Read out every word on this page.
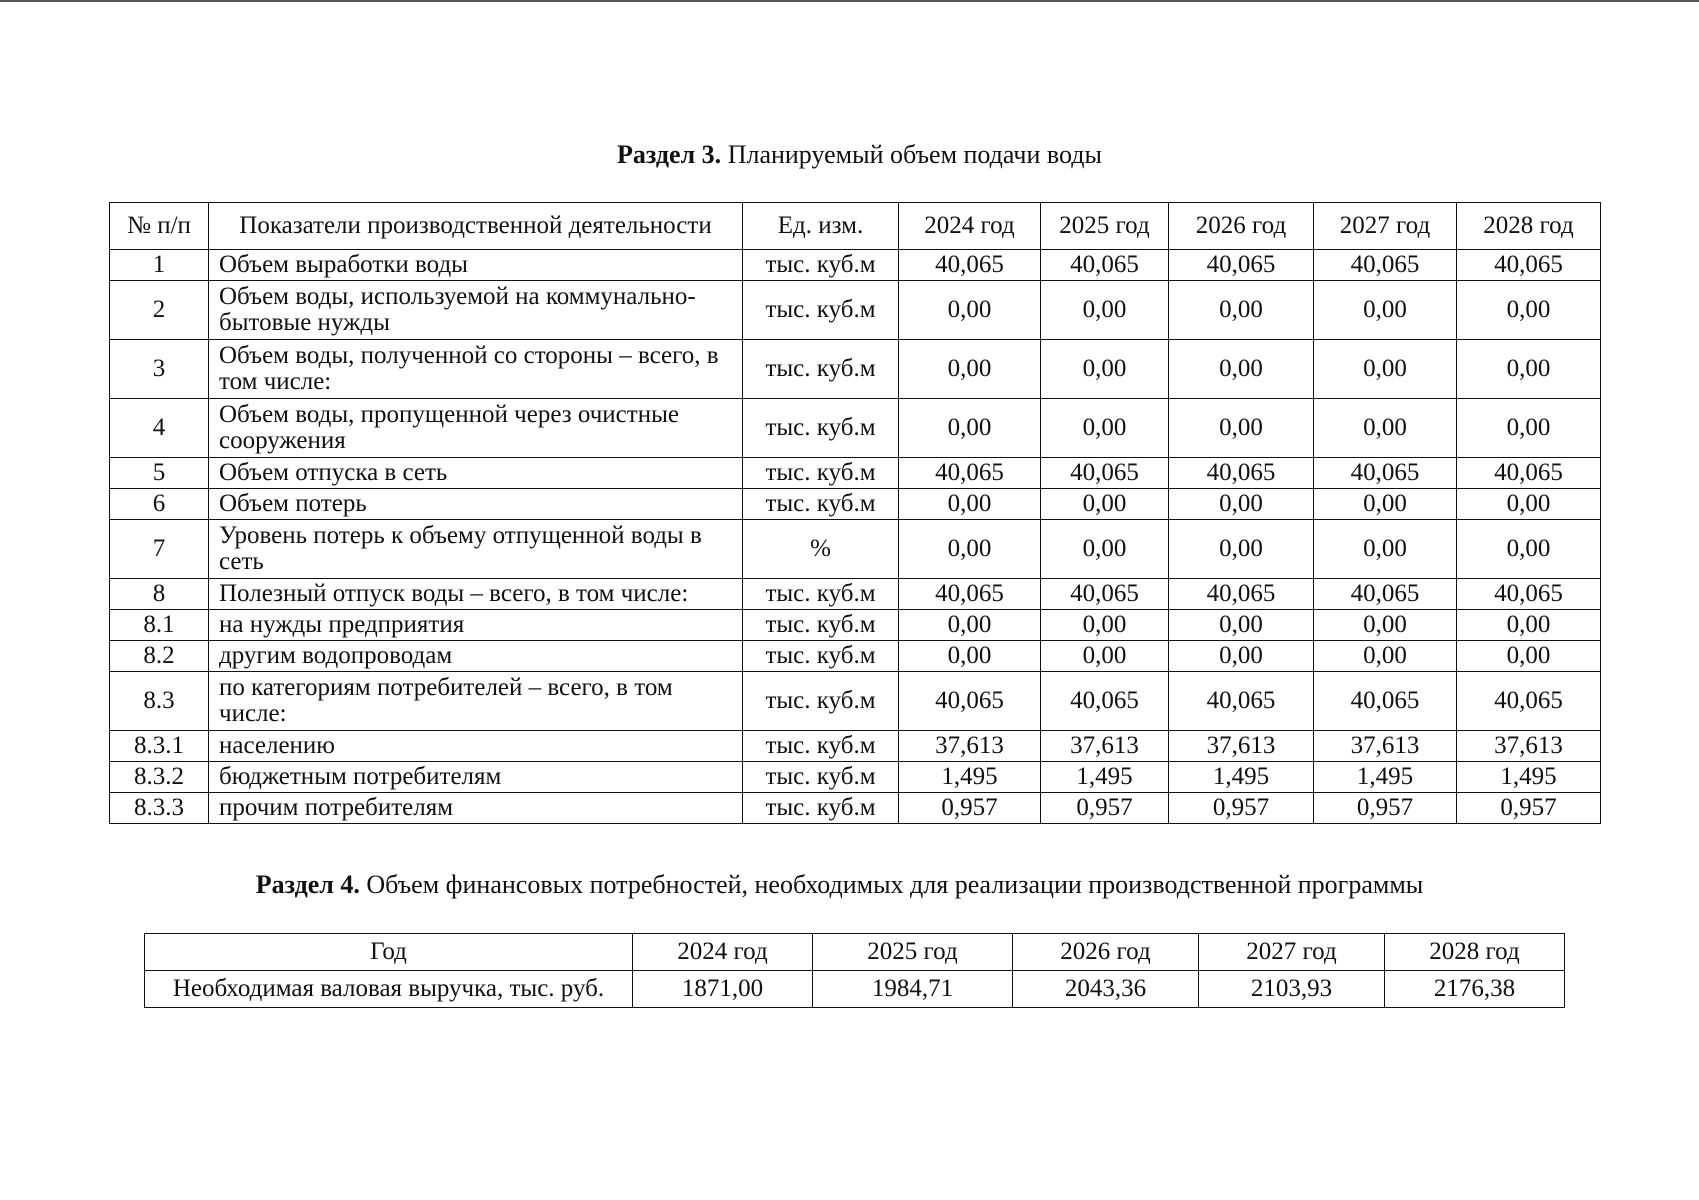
Раздел 3. Планируемый объем подачи воды
№ п/п	Показатели производственной деятельности	Ед. изм.	2024 год	2025 год	2026 год	2027 год	2028 год
1	Объем выработки воды	тыс. куб.м	40,065	40,065	40,065	40,065	40,065
2	Объем воды, используемой на коммунально-бытовые нужды	тыс. куб.м	0,00	0,00	0,00	0,00	0,00
3	Объем воды, полученной со стороны – всего, в том числе:	тыс. куб.м	0,00	0,00	0,00	0,00	0,00
4	Объем воды, пропущенной через очистные сооружения	тыс. куб.м	0,00	0,00	0,00	0,00	0,00
5	Объем отпуска в сеть	тыс. куб.м	40,065	40,065	40,065	40,065	40,065
6	Объем потерь	тыс. куб.м	0,00	0,00	0,00	0,00	0,00
7	Уровень потерь к объему отпущенной воды в сеть	%	0,00	0,00	0,00	0,00	0,00
8	Полезный отпуск воды – всего, в том числе:	тыс. куб.м	40,065	40,065	40,065	40,065	40,065
8.1	на нужды предприятия	тыс. куб.м	0,00	0,00	0,00	0,00	0,00
8.2	другим водопроводам	тыс. куб.м	0,00	0,00	0,00	0,00	0,00
8.3	по категориям потребителей – всего, в том числе:	тыс. куб.м	40,065	40,065	40,065	40,065	40,065
8.3.1	населению	тыс. куб.м	37,613	37,613	37,613	37,613	37,613
8.3.2	бюджетным потребителям	тыс. куб.м	1,495	1,495	1,495	1,495	1,495
8.3.3	прочим потребителям	тыс. куб.м	0,957	0,957	0,957	0,957	0,957
Раздел 4. Объем финансовых потребностей, необходимых для реализации производственной программы
Год	2024 год	2025 год	2026 год	2027 год	2028 год
Необходимая валовая выручка, тыс. руб.	1871,00	1984,71	2043,36	2103,93	2176,38
